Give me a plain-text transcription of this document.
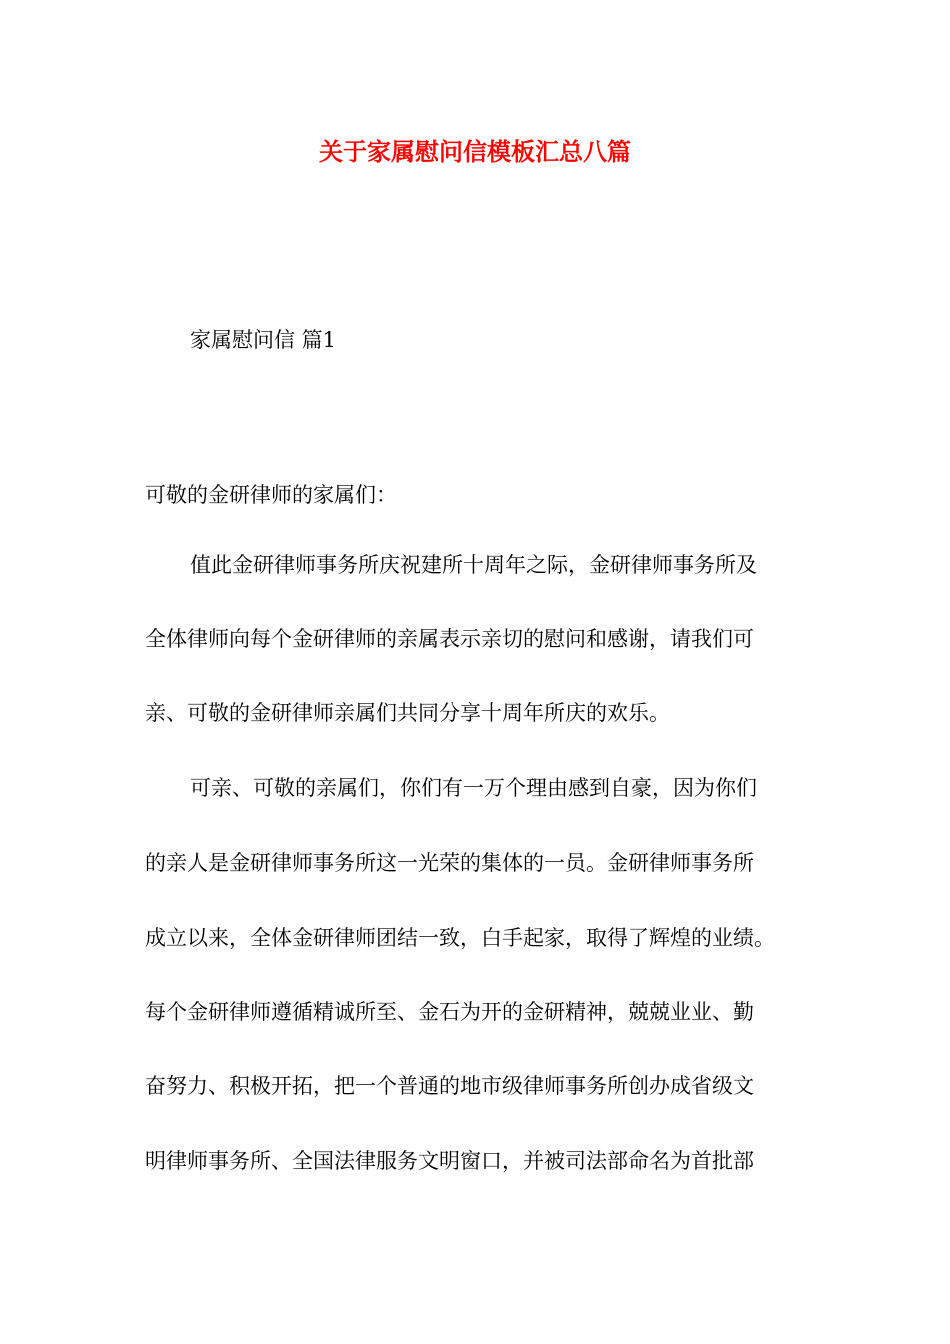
关于家属慰问信模板汇总八篇

家属慰问信 篇1

可敬的金研律师的家属们：

值此金研律师事务所庆祝建所十周年之际，金研律师事务所及

全体律师向每个金研律师的亲属表示亲切的慰问和感谢，请我们可

亲、可敬的金研律师亲属们共同分享十周年所庆的欢乐。

可亲、可敬的亲属们，你们有一万个理由感到自豪，因为你们

的亲人是金研律师事务所这一光荣的集体的一员。金研律师事务所

成立以来，全体金研律师团结一致，白手起家，取得了辉煌的业绩。

每个金研律师遵循精诚所至、金石为开的金研精神，兢兢业业、勤

奋努力、积极开拓，把一个普通的地市级律师事务所创办成省级文

明律师事务所、全国法律服务文明窗口，并被司法部命名为首批部
